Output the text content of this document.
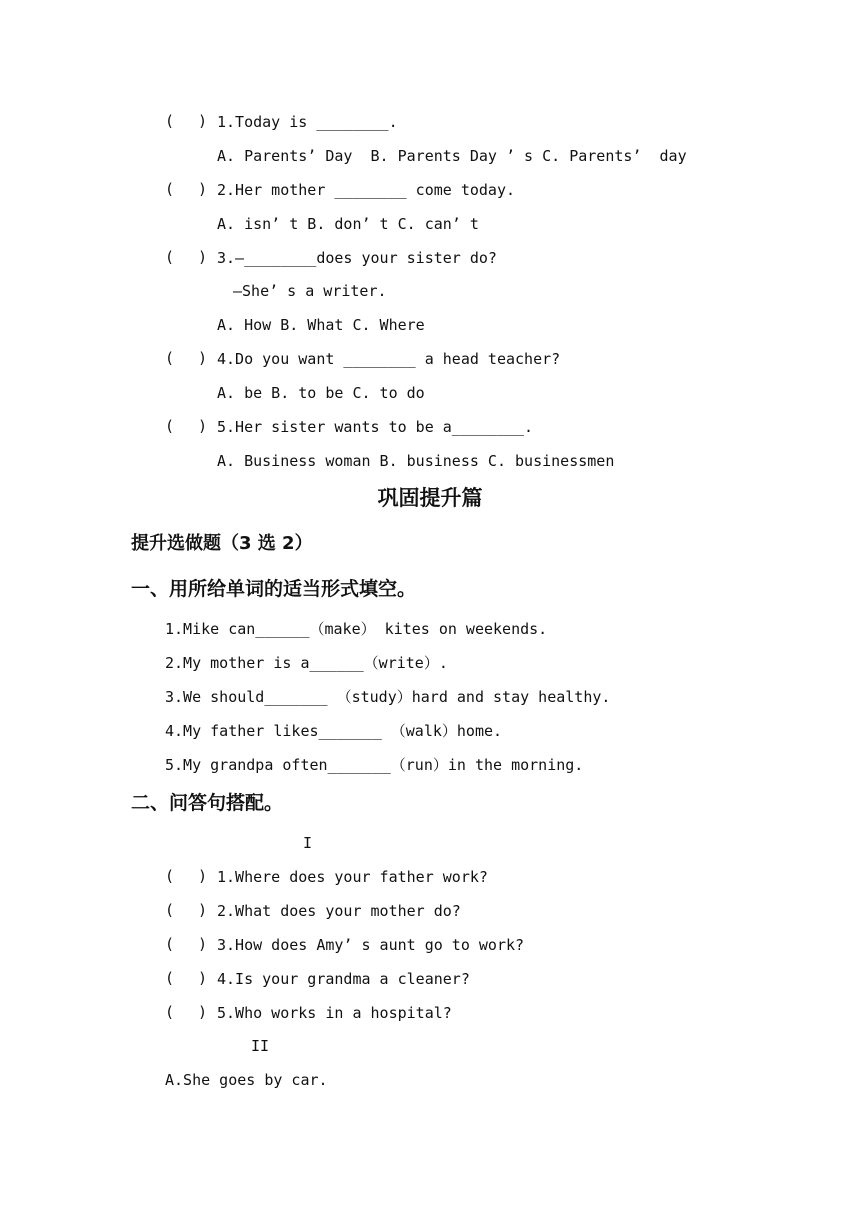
(　 ) 1.Today is ________.
A. Parents’ Day  B. Parents Day ’ s C. Parents’  day
(　 ) 2.Her mother ________ come today.
A. isn’ t B. don’ t C. can’ t
(　 ) 3.—________does your sister do?
—She’ s a writer.
A. How B. What C. Where
(　 ) 4.Do you want ________ a head teacher?
A. be B. to be C. to do
(　 ) 5.Her sister wants to be a________.
A. Business woman B. business C. businessmen
巩固提升篇
提升选做题（3 选 2）
一、用所给单词的适当形式填空。
1.Mike can______（make） kites on weekends.
2.My mother is a______（write）.
3.We should_______ （study）hard and stay healthy.
4.My father likes_______ （walk）home.
5.My grandpa often_______（run）in the morning.
二、问答句搭配。
I
(　 ) 1.Where does your father work?
(　 ) 2.What does your mother do?
(　 ) 3.How does Amy’ s aunt go to work?
(　 ) 4.Is your grandma a cleaner?
(　 ) 5.Who works in a hospital?
II
A.She goes by car.
